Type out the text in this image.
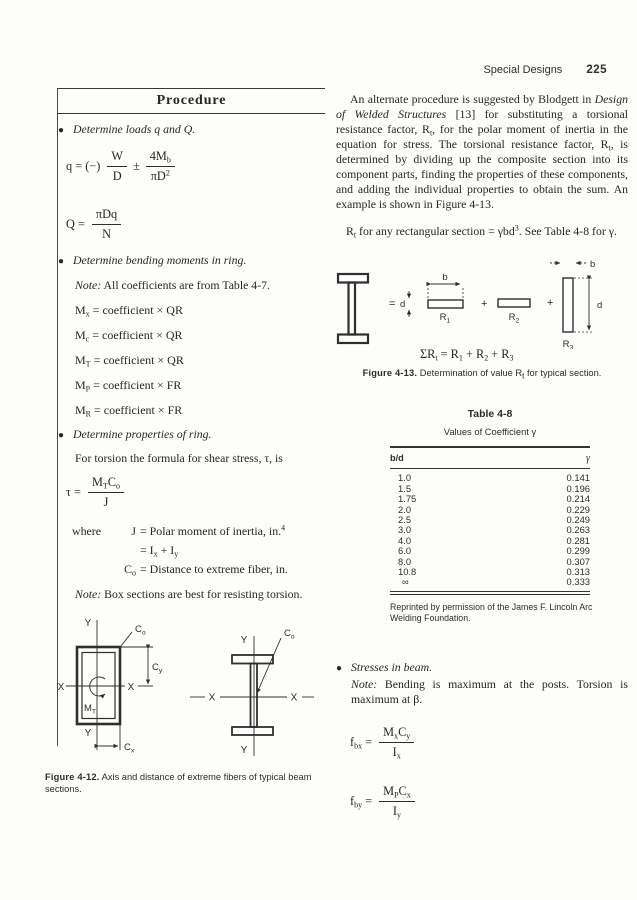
Special Designs 225
Procedure
● Determine loads q and Q.
q = (−) $\frac{W}{D} \pm \frac{4M_b}{\pi D^2}$
$Q = \frac{\text{πDq}}{N}$
● Determine bending moments in ring.
Note: All coefficients are from Table 4-7.
$M_x$ = coefficient × QR
$M_c$ = coefficient × QR
$M_T$ = coefficient × QR
$M_P$ = coefficient × FR
$M_R$ = coefficient × FR
● Determine properties of ring.
For torsion the formula for shear stress, τ, is
$\tau = \frac{M_TC_o}{J}$
where	J = Polar moment of inertia, in.$^4$
= $I_x + I_y$
$C_o$ = Distance to extreme fiber, in.
Note: Box sections are best for resisting torsion.
Y
Y
X	X
$C_o$
$C_y$
$M_T$
$C_x$
Y
Y
X	X
$C_o$
Figure 4-12. Axis and distance of extreme fibers of typical beam sections.

An alternate procedure is suggested by Blodgett in Design of Welded Structures [13] for substituting a torsional resistance factor, $R_t$, for the polar moment of inertia in the equation for stress. The torsional resistance factor, $R_t$, is determined by dividing up the composite section into its component parts, finding the properties of these components, and adding the individual properties to obtain the sum. An example is shown in Figure 4-13.

$R_t$ for any rectangular section = γbd$^3$. See Table 4-8 for γ.
= d
b
$R_1$
+
$R_2$
+
b
d
$R_3$
$\Sigma R_t = R_1 + R_2 + R_3$
Figure 4-13. Determination of value $R_t$ for typical section.
Table 4-8
Values of Coefficient γ
b/d	γ
1.0	0.141
1.5	0.196
1.75	0.214
2.0	0.229
2.5	0.249
3.0	0.263
4.0	0.281
6.0	0.299
8.0	0.307
10.8	0.313
∞	0.333
Reprinted by permission of the James F. Lincoln Arc Welding Foundation.
● Stresses in beam.
Note: Bending is maximum at the posts. Torsion is maximum at β.
$f_{bx} = \frac{M_xC_y}{I_x}$
$f_{by} = \frac{M_PC_x}{I_y}$
